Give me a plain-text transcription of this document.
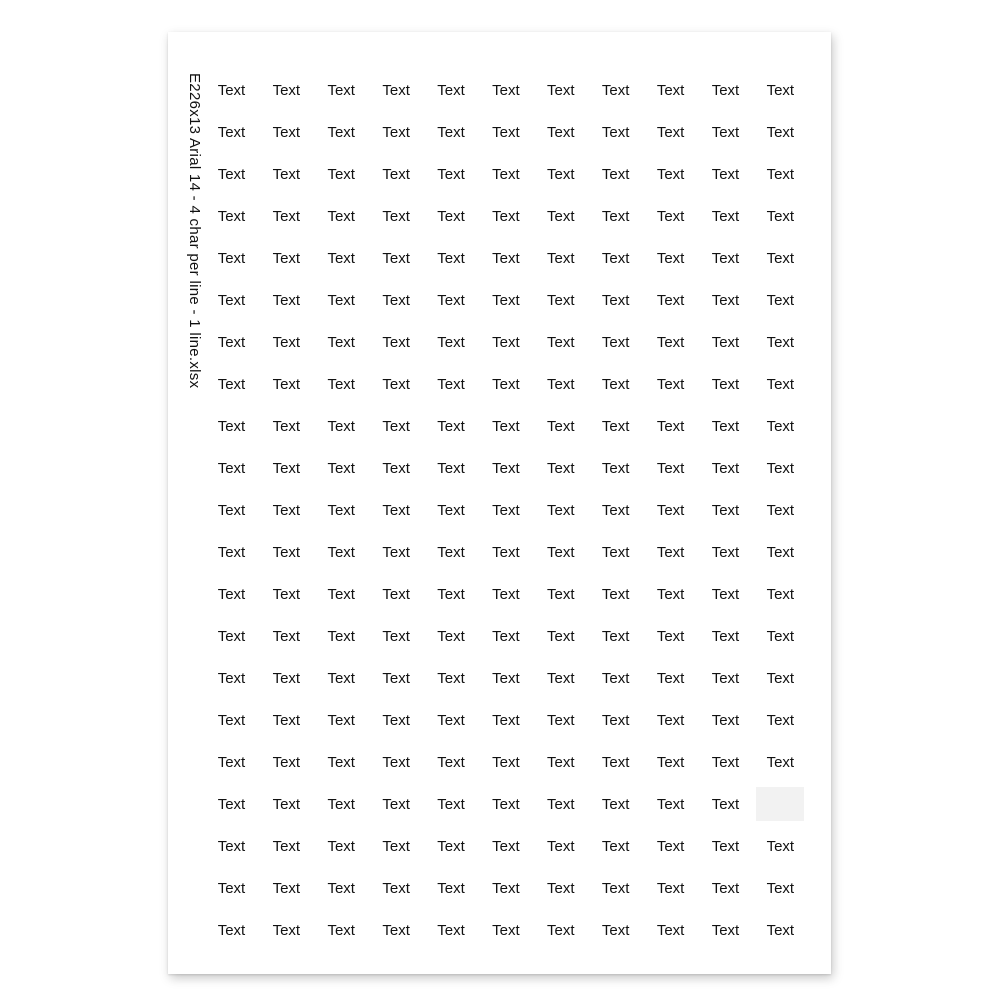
E226x13 Arial 14 - 4 char per line - 1 line.xlsx Text	Text	Text	Text	Text	Text	Text	Text	Text	Text	Text
Text	Text	Text	Text	Text	Text	Text	Text	Text	Text	Text
Text	Text	Text	Text	Text	Text	Text	Text	Text	Text	Text
Text	Text	Text	Text	Text	Text	Text	Text	Text	Text	Text
Text	Text	Text	Text	Text	Text	Text	Text	Text	Text	Text
Text	Text	Text	Text	Text	Text	Text	Text	Text	Text	Text
Text	Text	Text	Text	Text	Text	Text	Text	Text	Text	Text
Text	Text	Text	Text	Text	Text	Text	Text	Text	Text	Text
Text	Text	Text	Text	Text	Text	Text	Text	Text	Text	Text
Text	Text	Text	Text	Text	Text	Text	Text	Text	Text	Text
Text	Text	Text	Text	Text	Text	Text	Text	Text	Text	Text
Text	Text	Text	Text	Text	Text	Text	Text	Text	Text	Text
Text	Text	Text	Text	Text	Text	Text	Text	Text	Text	Text
Text	Text	Text	Text	Text	Text	Text	Text	Text	Text	Text
Text	Text	Text	Text	Text	Text	Text	Text	Text	Text	Text
Text	Text	Text	Text	Text	Text	Text	Text	Text	Text	Text
Text	Text	Text	Text	Text	Text	Text	Text	Text	Text	Text
Text	Text	Text	Text	Text	Text	Text	Text	Text	Text
Text	Text	Text	Text	Text	Text	Text	Text	Text	Text	Text
Text	Text	Text	Text	Text	Text	Text	Text	Text	Text	Text
Text	Text	Text	Text	Text	Text	Text	Text	Text	Text	Text
